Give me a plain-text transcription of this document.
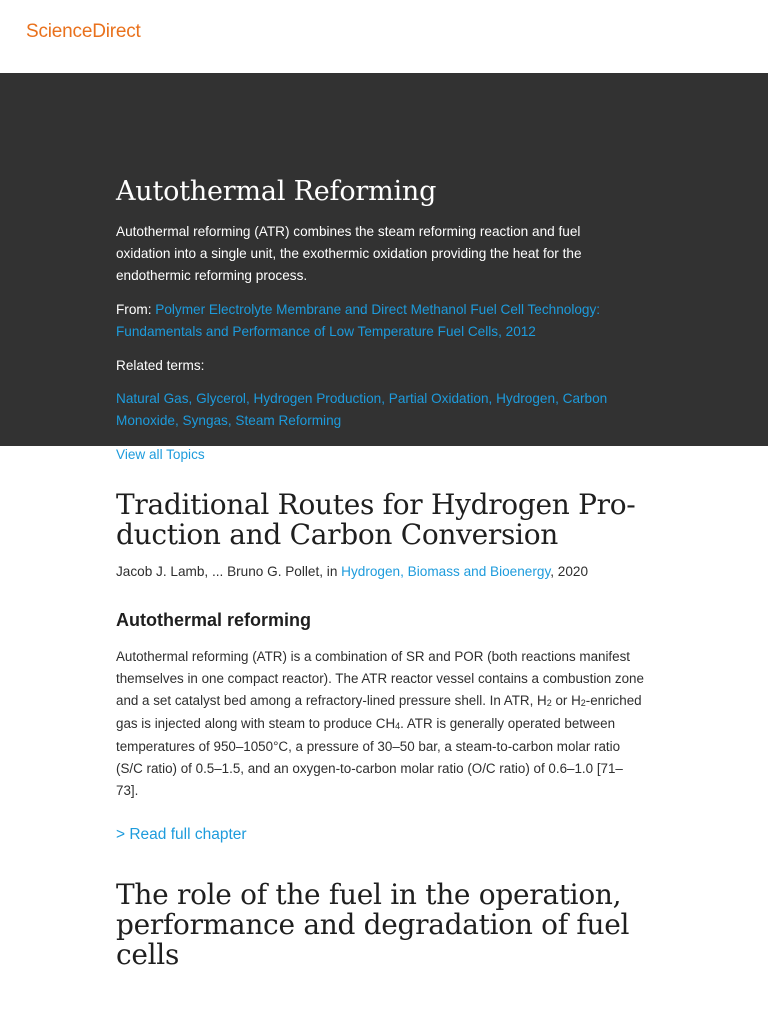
ScienceDirect
Autothermal Reforming

Autothermal reforming (ATR) combines the steam reforming reaction and fuel oxidation into a single unit, the exothermic oxidation providing the heat for the endothermic reforming process.

From: Polymer Electrolyte Membrane and Direct Methanol Fuel Cell Technology: Fundamentals and Performance of Low Temperature Fuel Cells, 2012

Related terms:

Natural Gas, Glycerol, Hydrogen Production, Partial Oxidation, Hydrogen, Carbon Monoxide, Syngas, Steam Reforming

View all Topics
Traditional Routes for Hydrogen Pro-duction and Carbon Conversion

Jacob J. Lamb, ... Bruno G. Pollet, in Hydrogen, Biomass and Bioenergy, 2020

Autothermal reforming

Autothermal reforming (ATR) is a combination of SR and POR (both reactions manifest themselves in one compact reactor). The ATR reactor vessel contains a combustion zone and a set catalyst bed among a refractory-lined pressure shell. In ATR, $H_2$ or $H_2$-enriched gas is injected along with steam to produce $CH_4$. ATR is generally operated between temperatures of 950–1050°C, a pressure of 30–50 bar, a steam-to-carbon molar ratio (S/C ratio) of 0.5–1.5, and an oxygen-to-carbon molar ratio (O/C ratio) of 0.6–1.0 [71–73].

> Read full chapter
The role of the fuel in the operation, performance and degradation of fuel cells
